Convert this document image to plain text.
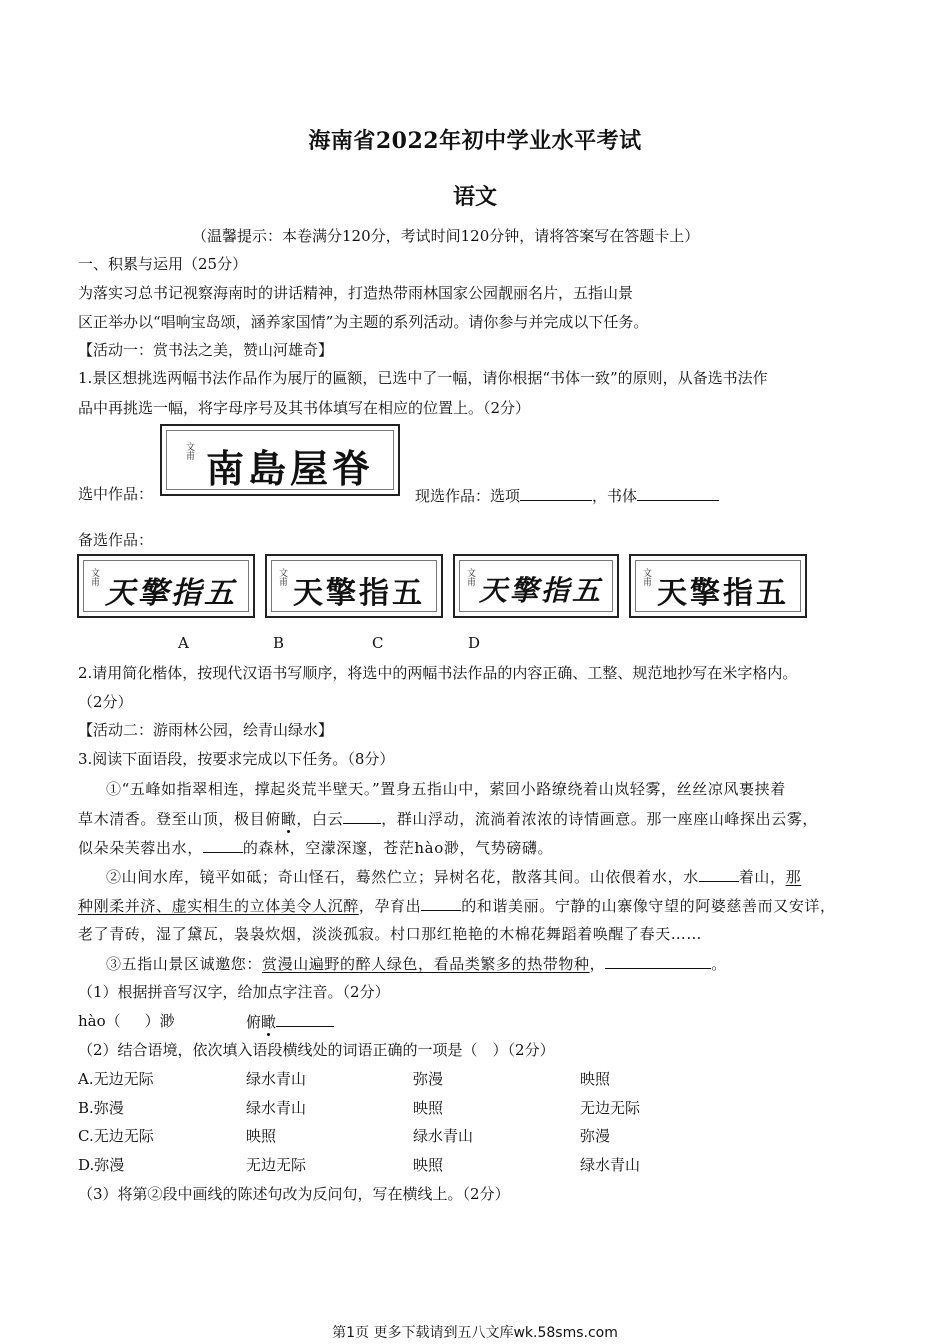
海南省2022年初中学业水平考试
语文
（温馨提示：本卷满分120分，考试时间120分钟，请将答案写在答题卡上）
一、积累与运用（25分）
为落实习总书记视察海南时的讲话精神，打造热带雨林国家公园靓丽名片，五指山景
区正举办以“唱响宝岛颂，涵养家国情”为主题的系列活动。请你参与并完成以下任务。
【活动一：赏书法之美，赞山河雄奇】
1.景区想挑选两幅书法作品作为展厅的匾额，已选中了一幅，请你根据“书体一致”的原则，从备选书法作
品中再挑选一幅，将字母序号及其书体填写在相应的位置上。（2分）
选中作品：
文甫 南島屋脊
现选作品：选项	，书体
备选作品：
文甫 五指擎天	文甫 五指擎天	文甫 五指擎天	文甫 五指擎天
A	B	C	D
2.请用简化楷体，按现代汉语书写顺序，将选中的两幅书法作品的内容正确、工整、规范地抄写在米字格内。
（2分）
【活动二：游雨林公园，绘青山绿水】
3.阅读下面语段，按要求完成以下任务。（8分）
①“五峰如指翠相连，撑起炎荒半壁天。”置身五指山中，萦回小路缭绕着山岚轻雾，丝丝凉风裹挟着
草木清香。登至山顶，极目俯瞰，白云	，群山浮动，流淌着浓浓的诗情画意。那一座座山峰探出云雾，
似朵朵芙蓉出水，	的森林，空濛深邃，苍茫hào渺，气势磅礴。
②山间水库，镜平如砥；奇山怪石，蓦然伫立；异树名花，散落其间。山依偎着水，水	着山，那
种刚柔并济、虚实相生的立体美令人沉醉，孕育出	的和谐美丽。宁静的山寨像守望的阿婆慈善而又安详，
老了青砖，湿了黛瓦，袅袅炊烟，淡淡孤寂。村口那红艳艳的木棉花舞蹈着唤醒了春天……
③五指山景区诚邀您：赏漫山遍野的醉人绿色，看品类繁多的热带物种，	。
（1）根据拼音写汉字，给加点字注音。（2分）
hào（ ）渺	俯瞰
（2）结合语境，依次填入语段横线处的词语正确的一项是（　）（2分）
A.无边无际	绿水青山	弥漫	映照
B.弥漫	绿水青山	映照	无边无际
C.无边无际	映照	绿水青山	弥漫
D.弥漫	无边无际	映照	绿水青山
（3）将第②段中画线的陈述句改为反问句，写在横线上。（2分）
第1页 更多下载请到五八文库wk.58sms.com
